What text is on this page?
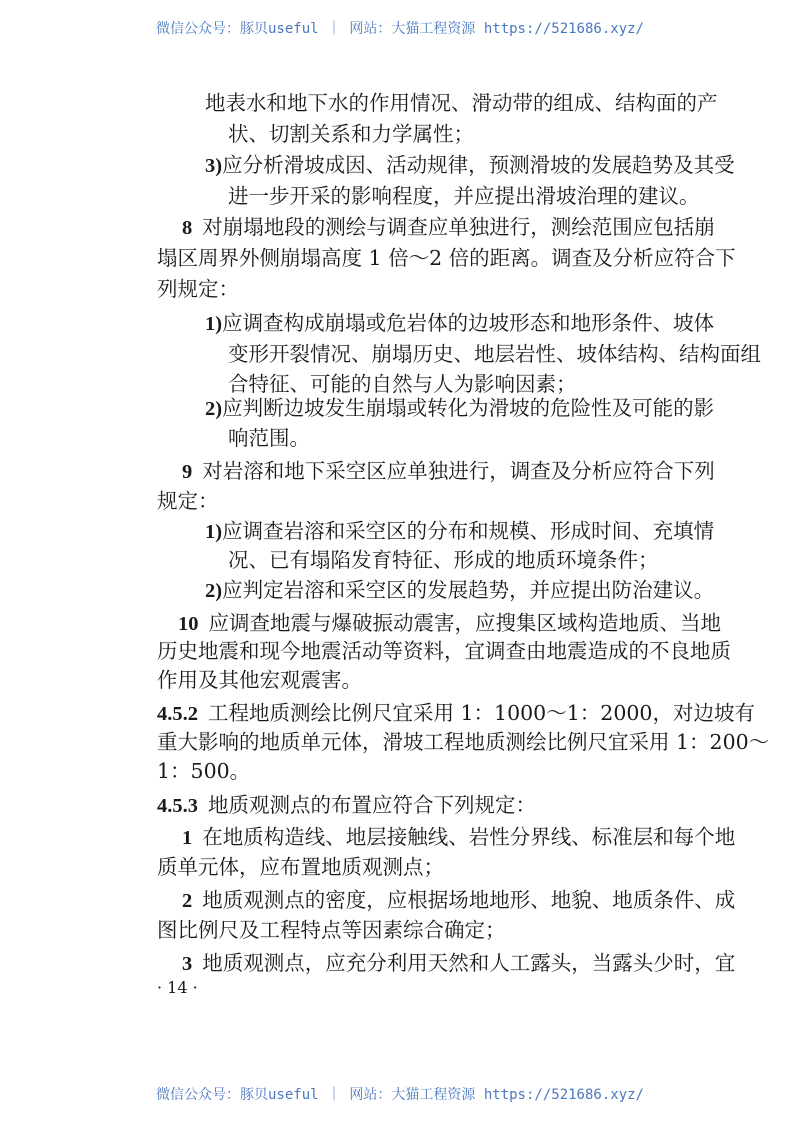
微信公众号：豚贝useful ｜ 网站：大猫工程资源 https://521686.xyz/
地表水和地下水的作用情况、滑动带的组成、结构面的产
状、切割关系和力学属性；
3)应分析滑坡成因、活动规律，预测滑坡的发展趋势及其受
进一步开采的影响程度，并应提出滑坡治理的建议。
8 对崩塌地段的测绘与调查应单独进行，测绘范围应包括崩
塌区周界外侧崩塌高度 1 倍～2 倍的距离。调查及分析应符合下
列规定：
1)应调查构成崩塌或危岩体的边坡形态和地形条件、坡体
变形开裂情况、崩塌历史、地层岩性、坡体结构、结构面组
合特征、可能的自然与人为影响因素；
2)应判断边坡发生崩塌或转化为滑坡的危险性及可能的影
响范围。
9 对岩溶和地下采空区应单独进行，调查及分析应符合下列
规定：
1)应调查岩溶和采空区的分布和规模、形成时间、充填情
况、已有塌陷发育特征、形成的地质环境条件；
2)应判定岩溶和采空区的发展趋势，并应提出防治建议。
10 应调查地震与爆破振动震害，应搜集区域构造地质、当地
历史地震和现今地震活动等资料，宜调查由地震造成的不良地质
作用及其他宏观震害。
4.5.2 工程地质测绘比例尺宜采用 1：1000～1：2000，对边坡有
重大影响的地质单元体，滑坡工程地质测绘比例尺宜采用 1：200～
1：500。
4.5.3 地质观测点的布置应符合下列规定：
1 在地质构造线、地层接触线、岩性分界线、标准层和每个地
质单元体，应布置地质观测点；
2 地质观测点的密度，应根据场地地形、地貌、地质条件、成
图比例尺及工程特点等因素综合确定；
3 地质观测点，应充分利用天然和人工露头，当露头少时，宜
· 14 ·
微信公众号：豚贝useful ｜ 网站：大猫工程资源 https://521686.xyz/
